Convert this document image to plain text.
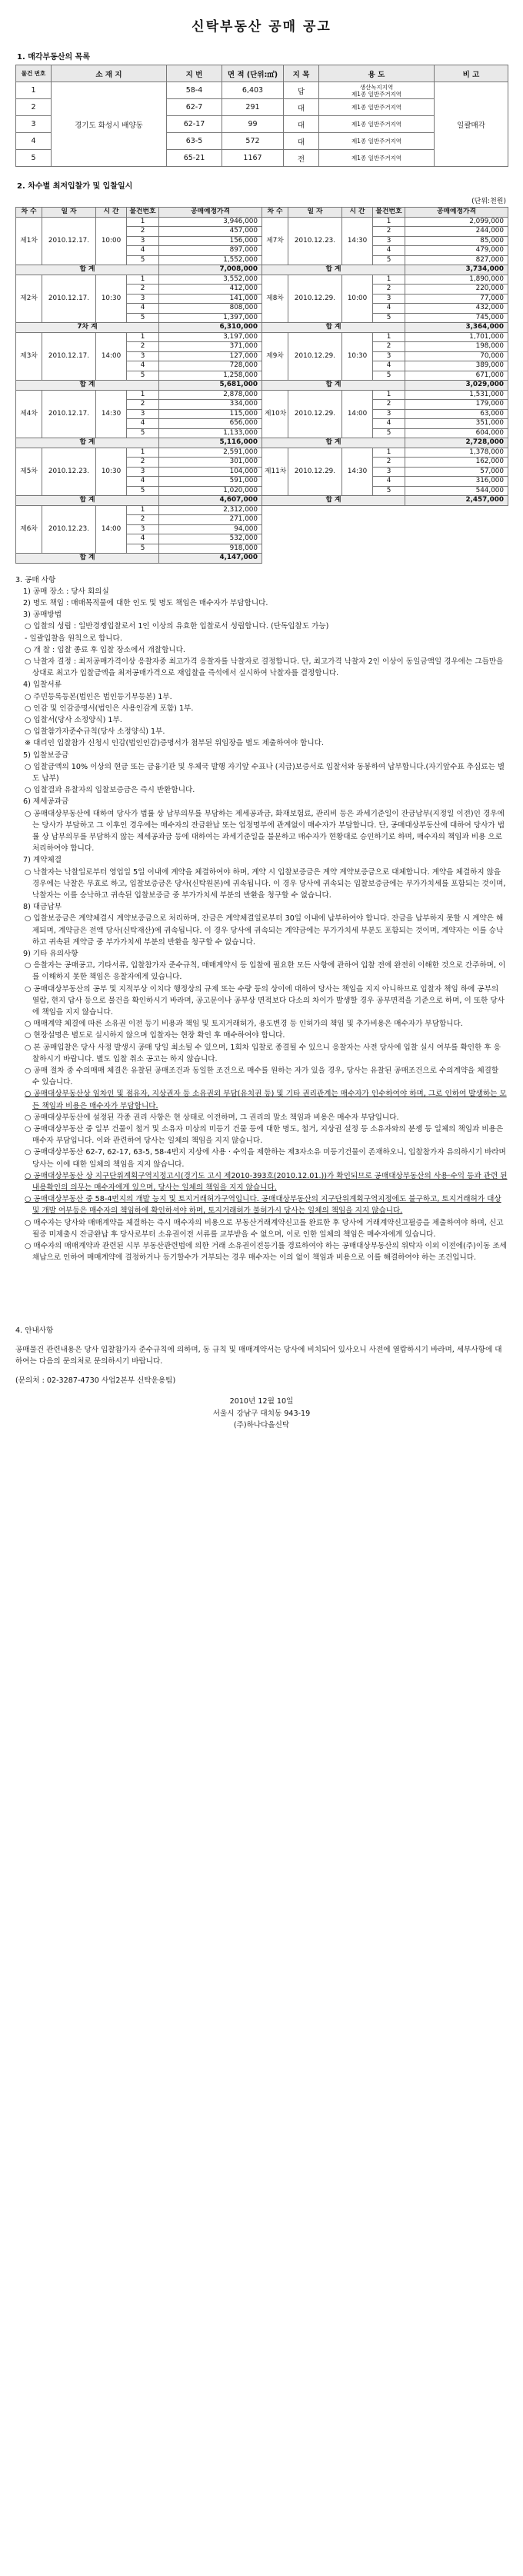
신탁부동산 공매 공고
1. 매각부동산의 목록
물건 번호	소 재 지	지 번	면 적 (단위:㎡)	지 목	용 도	비 고
1	경기도 화성시 배양동	58-4	6,403	답	생산녹지지역
제1종 일반주거지역	일괄매각
2		62-7	291	대	제1종 일반주거지역	
3		62-17	99	대	제1종 일반주거지역	
4		63-5	572	대	제1종 일반주거지역	
5		65-21	1167	전	제1종 일반주거지역	
2. 차수별 최저입찰가 및 입찰일시
(단위:천원)
차 수	일 자	시 간	물건번호	공매예정가격	차 수	일 자	시 간	물건번호	공매예정가격
제1차	2010.12.17.	10:00	1	3,946,000	제7차	2010.12.23.	14:30	1	2,099,000
			2	457,000				2	244,000
			3	156,000				3	85,000
			4	897,000				4	479,000
			5	1,552,000				5	827,000
합 계				7,008,000	합 계				3,734,000
제2차	2010.12.17.	10:30	1	3,552,000	제8차	2010.12.29.	10:00	1	1,890,000
			2	412,000				2	220,000
			3	141,000				3	77,000
			4	808,000				4	432,000
			5	1,397,000				5	745,000
7차 계				6,310,000	합 계				3,364,000
제3차	2010.12.17.	14:00	1	3,197,000	제9차	2010.12.29.	10:30	1	1,701,000
			2	371,000				2	198,000
			3	127,000				3	70,000
			4	728,000				4	389,000
			5	1,258,000				5	671,000
합 계				5,681,000	합 계				3,029,000
제4차	2010.12.17.	14:30	1	2,878,000	제10차	2010.12.29.	14:00	1	1,531,000
			2	334,000				2	179,000
			3	115,000				3	63,000
			4	656,000				4	351,000
			5	1,133,000				5	604,000
합 계				5,116,000	합 계				2,728,000
제5차	2010.12.23.	10:30	1	2,591,000	제11차	2010.12.29.	14:30	1	1,378,000
			2	301,000				2	162,000
			3	104,000				3	57,000
			4	591,000				4	316,000
			5	1,020,000				5	544,000
합 계				4,607,000	합 계				2,457,000
제6차	2010.12.23.	14:00	1	2,312,000					
			2	271,000					
			3	94,000					
			4	532,000					
			5	918,000					
합 계				4,147,000					

3. 공매 사항

1) 공매 장소 : 당사 회의실

2) 명도 책임 : 매매목적물에 대한 인도 및 명도 책임은 매수자가 부담합니다.

3) 공매방법

○ 입찰의 성립 : 일반경쟁입찰로서 1인 이상의 유효한 입찰로서 성립합니다. (단독입찰도 가능)

- 일괄입찰을 원칙으로 합니다.

○ 개 찰 : 입찰 종료 후 입찰 장소에서 개찰합니다.

○ 낙찰자 결정 : 최저공매가격이상 응찰자중 최고가격 응찰자를 낙찰자로 결정합니다. 단, 최고가격 낙찰자 2인 이상이 동일금액일 경우에는 그들만을 상대로 최고가 입찰금액을 최저공매가격으로 재입찰을 즉석에서 실시하여 낙찰자를 결정합니다.

4) 입찰서류

○ 주민등록등본(법인은 법인등기부등본) 1부.

○ 인감 및 인감증명서(법인은 사용인감계 포함) 1부.

○ 입찰서(당사 소정양식) 1부.

○ 입찰참가자준수규칙(당사 소정양식) 1부.

※ 대리인 입찰참가 신청시 인감(법인인감)증명서가 첨부된 위임장을 별도 제출하여야 합니다.

5) 입찰보증금

○ 입찰금액의 10% 이상의 현금 또는 금융기관 및 우체국 발행 자기앞 수표나 (지급)보증서로 입찰서와 동봉하여 납부합니다.(자기앞수표 추심료는 별도 납부)

○ 입찰결과 유찰자의 입찰보증금은 즉시 반환합니다.

6) 제세공과금

○ 공매대상부동산에 대하여 당사가 법률 상 납부의무를 부담하는 제세공과금, 화재보험료, 관리비 등은 과세기준일이 잔금납부(지정일 이전)인 경우에는 당사가 부담하고 그 이후인 경우에는 매수자의 잔금완납 또는 업정명부에 관계없이 매수자가 부담합니다. 단, 공매대상부동산에 대하여 당사가 법률 상 납부의무를 부담하지 않는 제세공과금 등에 대하여는 과세기준일을 불문하고 매수자가 현황대로 승인하기로 하며, 매수자의 책임과 비용 으로 처리하여야 합니다.

7) 계약체결

○ 낙찰자는 낙찰일로부터 영업일 5일 이내에 계약을 체결하여야 하며, 계약 시 입찰보증금은 계약 계약보증금으로 대체합니다. 계약을 체결하지 않을 경우에는 낙찰은 무효로 하고, 입찰보증금은 당사(신탁원본)에 귀속됩니다. 이 경우 당사에 귀속되는 입찰보증금에는 부가가치세를 포함되는 것이며, 낙찰자는 이를 승낙하고 귀속된 입찰보증금 중 부가가치세 부분의 반환을 청구할 수 없습니다.

8) 대금납부

○ 입찰보증금은 계약체결시 계약보증금으로 처리하며, 잔금은 계약체결일로부터 30일 이내에 납부하여야 합니다. 잔금을 납부하지 못할 시 계약은 해제되며, 계약금은 전액 당사(신탁재산)에 귀속됩니다. 이 경우 당사에 귀속되는 계약금에는 부가가치세 부분도 포함되는 것이며, 계약자는 이를 승낙하고 귀속된 계약금 중 부가가치세 부분의 반환을 청구할 수 없습니다.

9) 기타 유의사항

○ 응찰자는 공매공고, 기타서류, 입찰참가자 준수규칙, 매매계약서 등 입찰에 필요한 모든 사항에 관하여 입찰 전에 완전히 이해한 것으로 간주하며, 이를 이해하지 못한 책임은 응찰자에게 있습니다.

○ 공매대상부동산의 공부 및 지적부상 이치다 행정상의 규제 또는 수량 등의 상이에 대하여 당사는 책임을 지지 아니하므로 입찰자 책임 하에 공부의 열람, 현지 답사 등으로 물건을 확인하시기 바라며, 공고문이나 공부상 면적보다 다소의 차이가 발생할 경우 공부면적을 기준으로 하며, 이 또한 당사에 책임을 지지 않습니다.

○ 매매계약 체결에 따른 소유권 이전 등기 비용과 책임 및 토지거래허가, 용도변경 등 인허가의 책임 및 추가비용은 매수자가 부담합니다.

○ 현장설명은 별도로 실시하지 않으며 입찰자는 현장 확인 후 매수하여야 합니다.

○ 본 공매입찰은 당사 사정 발생시 공매 당일 최소될 수 있으며, 1회차 입찰로 종결될 수 있으니 응찰자는 사전 당사에 입찰 실시 여부를 확인한 후 응찰하시기 바랍니다. 별도 입찰 취소 공고는 하지 않습니다.

○ 공매 절차 중 수의매매 체결은 유찰된 공매조건과 동일한 조건으로 매수를 원하는 자가 있을 경우, 당사는 유찰된 공매조건으로 수의계약을 체결할 수 있습니다.

○ 공매대상부동산상 임차인 및 점유자, 지상권자 등 소유권외 부담(유치권 등) 및 기타 권리관계는 매수자가 인수하여야 하며, 그로 인하여 발생하는 모든 책임과 비용은 매수자가 부담합니다.

○ 공매대상부동산에 설정된 각종 권리 사항은 현 상태로 이전하며, 그 권리의 말소 책임과 비용은 매수자 부담입니다.

○ 공매대상부동산 중 일부 건물이 철거 및 소유자 미상의 미등기 건물 등에 대한 명도, 철거, 지상권 설정 등 소유자와의 분쟁 등 일체의 책임과 비용은 매수자 부담입니다. 이와 관련하여 당사는 일체의 책임을 지지 않습니다.

○ 공매대상부동산 62-7, 62-17, 63-5, 58-4번지 지상에 사용 · 수익을 제한하는 제3자소유 미등기건물이 존재하오니, 입찰참가자 유의하시기 바라며 당사는 이에 대한 일체의 책임을 지지 않습니다.

○ 공매대상부동산 상 지구단위계획구역지정고시(경기도 고시 제2010-393호(2010.12.01.))가 확인되므로 공매대상부동산의 사용·수익 등과 관련 된 내용확인의 의무는 매수자에게 있으며, 당사는 일체의 책임을 지지 않습니다.

○ 공매대상부동산 중 58-4번지의 개발 능지 및 토지거래허가구역입니다. 공매대상부동산의 지구단위계획구역지정에도 불구하고, 토지거래허가 대상 및 개발 여부등은 매수자의 책임하에 확인하셔야 하며, 토지거래허가 불허가시 당사는 일체의 책임을 지지 않습니다.

○ 매수자는 당사와 매매계약을 체결하는 즉시 매수자의 비용으로 부동산거래계약신고를 완료한 후 당사에 거래계약신고필증을 제출하여야 하며, 신고필증 미제출시 잔금완납 후 당사로부터 소유권이전 서류를 교부받을 수 없으며, 이로 인한 일체의 책임은 매수자에게 있습니다.

○ 매수자의 매매계약과 관련된 시부 부동산관련법에 의한 거래 소유권이전등기를 경료하여야 하는 공매대상부동산의 위탁자 이외 이전에(주)이동 조세채납으로 인하여 매매계약에 결정하거나 등기할수가 거부되는 경우 매수자는 이의 없이 책임과 비용으로 이를 해결하여야 하는 조건입니다.

4. 안내사항

공매물건 관련내용은 당사 입찰참가자 준수규칙에 의하며, 동 규칙 및 매매계약서는 당사에 비치되어 있사오니 사전에 열람하시기 바라며, 세부사항에 대하여는 다음의 문의처로 문의하시기 바랍니다.

(문의처 : 02-3287-4730 사업2본부 신탁운용팀)

2010년 12월 10일
서울시 강남구 대치동 943-19
(주)하나다올신탁
